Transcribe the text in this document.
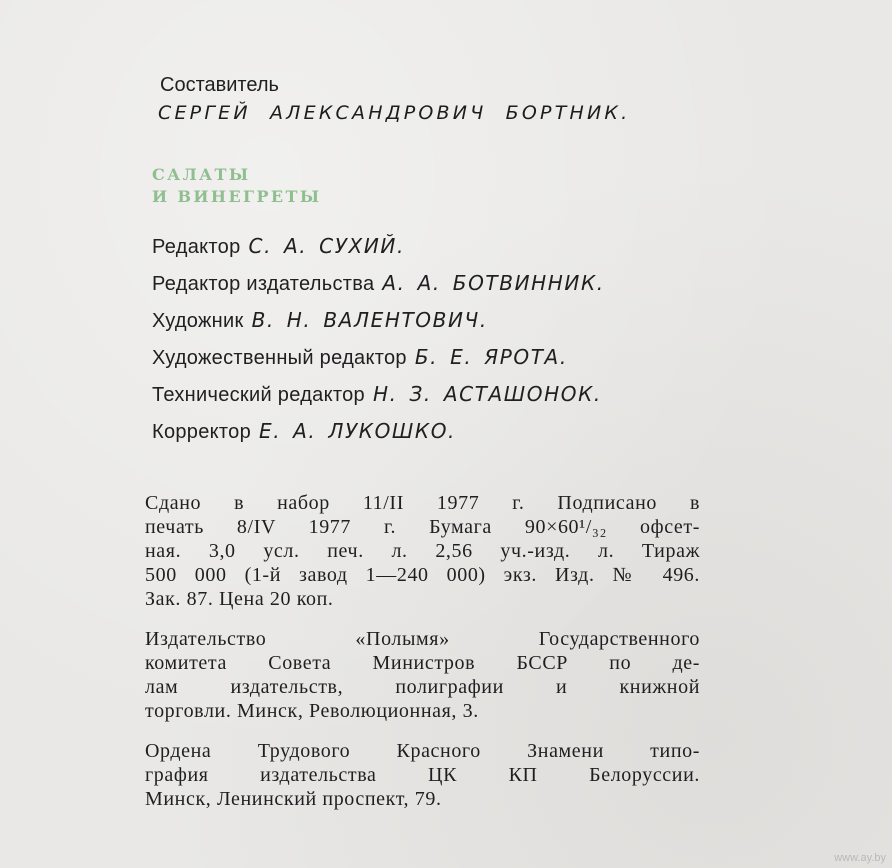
Составитель
СЕРГЕЙ АЛЕКСАНДРОВИЧ БОРТНИК.
САЛАТЫ
И ВИНЕГРЕТЫ
Редактор С. А. СУХИЙ.
Редактор издательства А. А. БОТВИННИК.
Художник В. Н. ВАЛЕНТОВИЧ.
Художественный редактор Б. Е. ЯРОТА.
Технический редактор Н. З. АСТАШОНОК.
Корректор Е. А. ЛУКОШКО.
Сдано в набор 11/II 1977 г. Подписано в
печать 8/IV 1977 г. Бумага 90×60¹/₃₂ офсет-
ная. 3,0 усл. печ. л. 2,56 уч.-изд. л. Тираж
500 000 (1-й завод 1—240 000) экз. Изд. № 496.
Зак. 87. Цена 20 коп.
Издательство «Полымя» Государственного
комитета Совета Министров БССР по де-
лам издательств, полиграфии и книжной
торговли. Минск, Революционная, 3.
Ордена Трудового Красного Знамени типо-
графия издательства ЦК КП Белоруссии.
Минск, Ленинский проспект, 79.
www.ay.by
